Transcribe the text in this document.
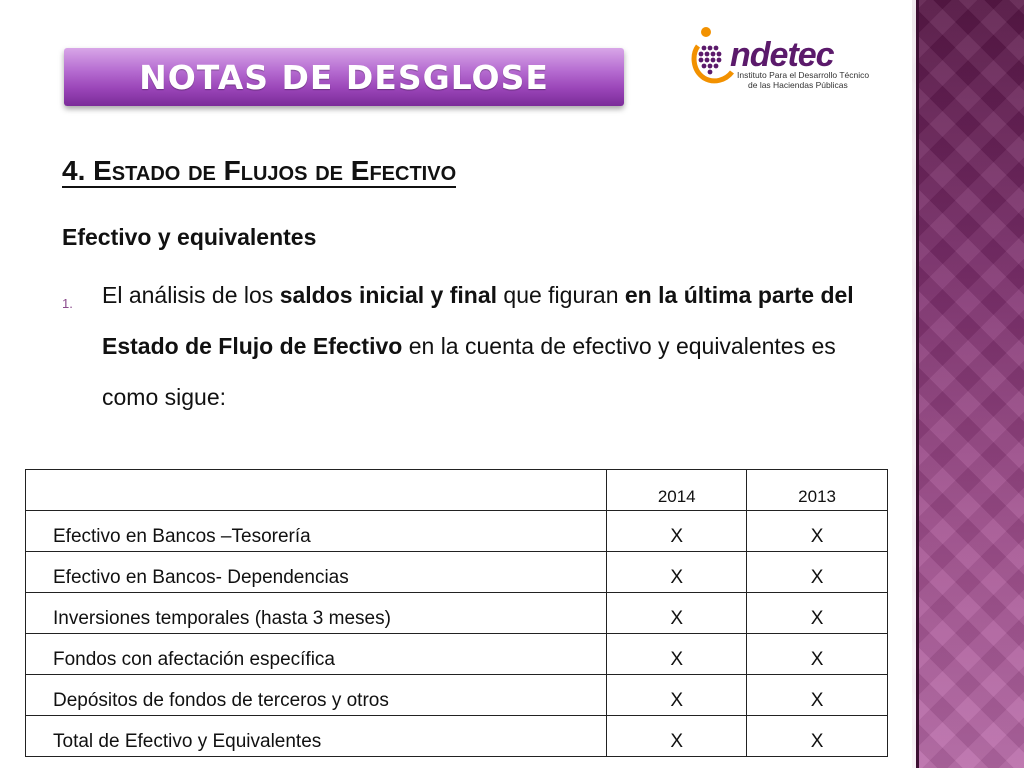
NOTAS DE DESGLOSE
ndetec
Instituto Para el Desarrollo Técnico
de las Haciendas Públicas
4. Estado de Flujos de Efectivo
Efectivo y equivalentes
1. El análisis de los saldos inicial y final que figuran en la última parte del Estado de Flujo de Efectivo en la cuenta de efectivo y equivalentes es como sigue:
	2014	2013
Efectivo en Bancos –Tesorería	X	X
Efectivo en Bancos- Dependencias	X	X
Inversiones temporales (hasta 3 meses)	X	X
Fondos con afectación específica	X	X
Depósitos de fondos de terceros y otros	X	X
Total de Efectivo y Equivalentes	X	X
